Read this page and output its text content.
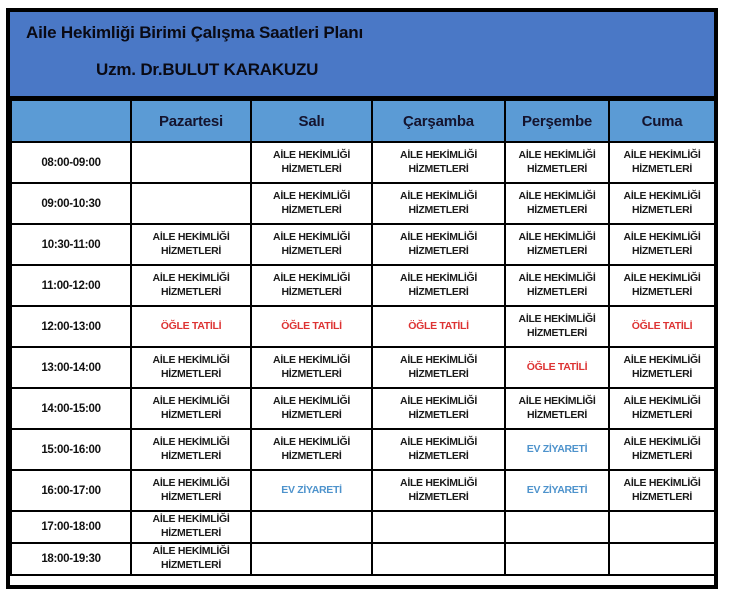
Aile Hekimliği Birimi Çalışma Saatleri Planı

Uzm. Dr.BULUT KARAKUZU

	Pazartesi	Salı	Çarşamba	Perşembe	Cuma
08:00-09:00		AİLE HEKİMLİĞİ HİZMETLERİ	AİLE HEKİMLİĞİ HİZMETLERİ	AİLE HEKİMLİĞİ HİZMETLERİ	AİLE HEKİMLİĞİ HİZMETLERİ
09:00-10:30		AİLE HEKİMLİĞİ HİZMETLERİ	AİLE HEKİMLİĞİ HİZMETLERİ	AİLE HEKİMLİĞİ HİZMETLERİ	AİLE HEKİMLİĞİ HİZMETLERİ
10:30-11:00	AİLE HEKİMLİĞİ HİZMETLERİ	AİLE HEKİMLİĞİ HİZMETLERİ	AİLE HEKİMLİĞİ HİZMETLERİ	AİLE HEKİMLİĞİ HİZMETLERİ	AİLE HEKİMLİĞİ HİZMETLERİ
11:00-12:00	AİLE HEKİMLİĞİ HİZMETLERİ	AİLE HEKİMLİĞİ HİZMETLERİ	AİLE HEKİMLİĞİ HİZMETLERİ	AİLE HEKİMLİĞİ HİZMETLERİ	AİLE HEKİMLİĞİ HİZMETLERİ
12:00-13:00	ÖĞLE TATİLİ	ÖĞLE TATİLİ	ÖĞLE TATİLİ	AİLE HEKİMLİĞİ HİZMETLERİ	ÖĞLE TATİLİ
13:00-14:00	AİLE HEKİMLİĞİ HİZMETLERİ	AİLE HEKİMLİĞİ HİZMETLERİ	AİLE HEKİMLİĞİ HİZMETLERİ	ÖĞLE TATİLİ	AİLE HEKİMLİĞİ HİZMETLERİ
14:00-15:00	AİLE HEKİMLİĞİ HİZMETLERİ	AİLE HEKİMLİĞİ HİZMETLERİ	AİLE HEKİMLİĞİ HİZMETLERİ	AİLE HEKİMLİĞİ HİZMETLERİ	AİLE HEKİMLİĞİ HİZMETLERİ
15:00-16:00	AİLE HEKİMLİĞİ HİZMETLERİ	AİLE HEKİMLİĞİ HİZMETLERİ	AİLE HEKİMLİĞİ HİZMETLERİ	EV ZİYARETİ	AİLE HEKİMLİĞİ HİZMETLERİ
16:00-17:00	AİLE HEKİMLİĞİ HİZMETLERİ	EV ZİYARETİ	AİLE HEKİMLİĞİ HİZMETLERİ	EV ZİYARETİ	AİLE HEKİMLİĞİ HİZMETLERİ
17:00-18:00	AİLE HEKİMLİĞİ HİZMETLERİ				
18:00-19:30	AİLE HEKİMLİĞİ HİZMETLERİ				
